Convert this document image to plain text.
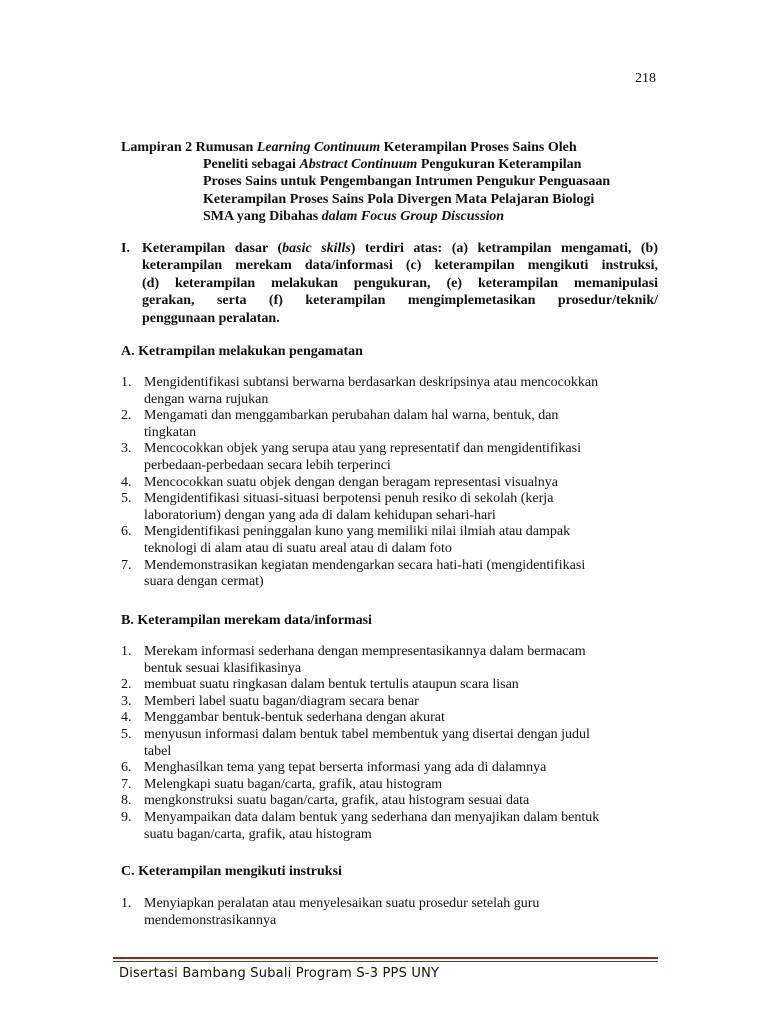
218
Lampiran 2 Rumusan Learning Continuum Keterampilan Proses Sains Oleh
Peneliti sebagai Abstract Continuum Pengukuran Keterampilan
Proses Sains untuk Pengembangan Intrumen Pengukur Penguasaan
Keterampilan Proses Sains Pola Divergen Mata Pelajaran Biologi
SMA yang Dibahas dalam Focus Group Discussion
I. Keterampilan dasar (basic skills) terdiri atas: (a) ketrampilan mengamati, (b)
keterampilan merekam data/informasi (c) keterampilan mengikuti instruksi,
(d) keterampilan melakukan pengukuran, (e) keterampilan memanipulasi
gerakan, serta (f) keterampilan mengimplemetasikan prosedur/teknik/
penggunaan peralatan.
A. Ketrampilan melakukan pengamatan
1. Mengidentifikasi subtansi berwarna berdasarkan deskripsinya atau mencocokkan
dengan warna rujukan
2. Mengamati dan menggambarkan perubahan dalam hal warna, bentuk, dan
tingkatan
3. Mencocokkan objek yang serupa atau yang representatif dan mengidentifikasi
perbedaan-perbedaan secara lebih terperinci
4. Mencocokkan suatu objek dengan dengan beragam representasi visualnya
5. Mengidentifikasi situasi-situasi berpotensi penuh resiko di sekolah (kerja
laboratorium) dengan yang ada di dalam kehidupan sehari-hari
6. Mengidentifikasi peninggalan kuno yang memiliki nilai ilmiah atau dampak
teknologi di alam atau di suatu areal atau di dalam foto
7. Mendemonstrasikan kegiatan mendengarkan secara hati-hati (mengidentifikasi
suara dengan cermat)
B. Keterampilan merekam data/informasi
1. Merekam informasi sederhana dengan mempresentasikannya dalam bermacam
bentuk sesuai klasifikasinya
2. membuat suatu ringkasan dalam bentuk tertulis ataupun scara lisan
3. Memberi label suatu bagan/diagram secara benar
4. Menggambar bentuk-bentuk sederhana dengan akurat
5. menyusun informasi dalam bentuk tabel membentuk yang disertai dengan judul
tabel
6. Menghasilkan tema yang tepat berserta informasi yang ada di dalamnya
7. Melengkapi suatu bagan/carta, grafik, atau histogram
8. mengkonstruksi suatu bagan/carta, grafik, atau histogram sesuai data
9. Menyampaikan data dalam bentuk yang sederhana dan menyajikan dalam bentuk
suatu bagan/carta, grafik, atau histogram
C. Keterampilan mengikuti instruksi
1. Menyiapkan peralatan atau menyelesaikan suatu prosedur setelah guru
mendemonstrasikannya
Disertasi Bambang Subali Program S-3 PPS UNY
